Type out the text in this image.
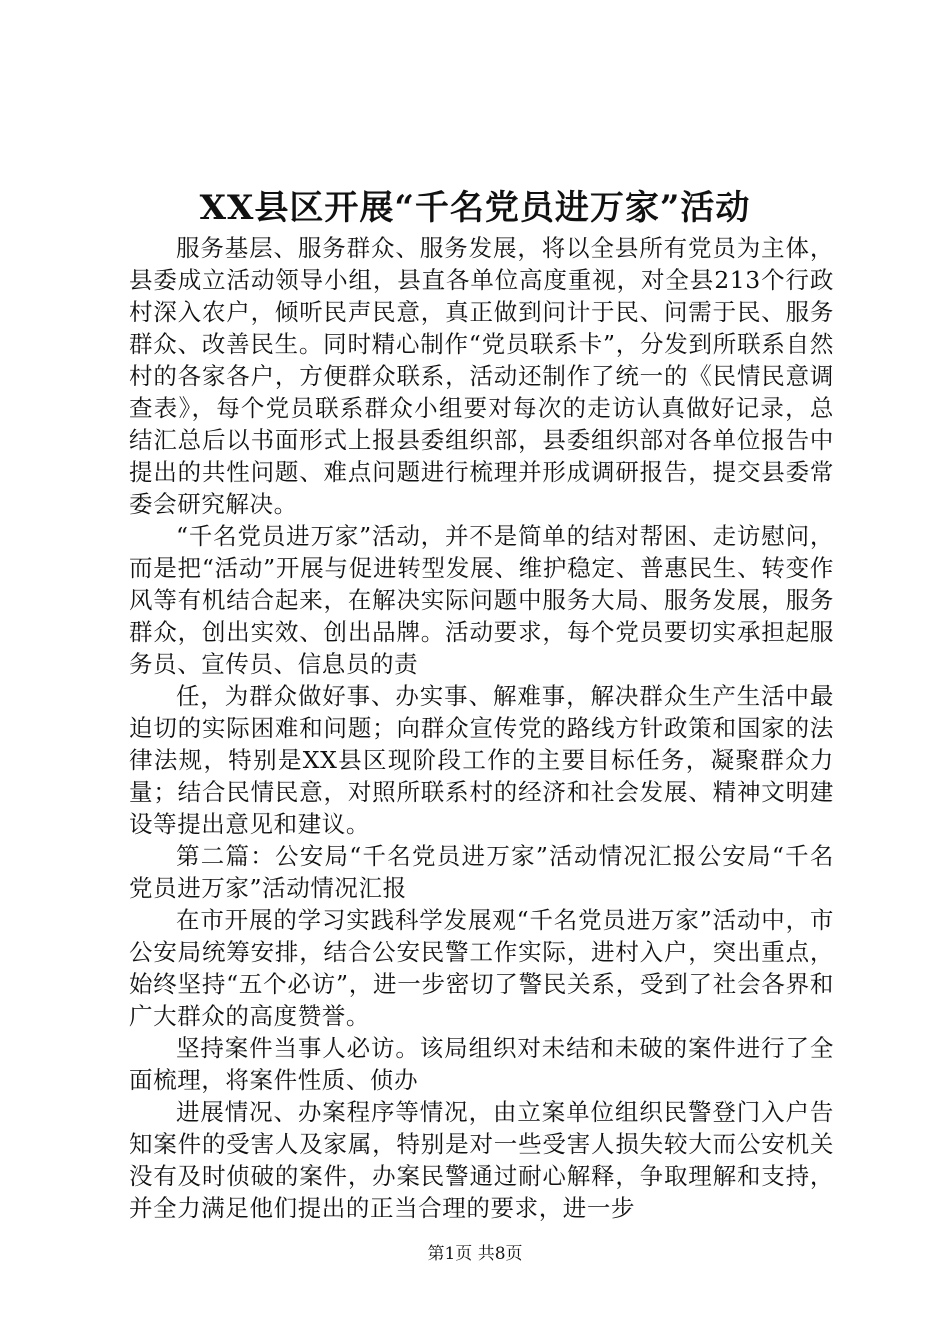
XX县区开展“千名党员进万家”活动

服务基层、服务群众、服务发展，将以全县所有党员为主体，县委成立活动领导小组，县直各单位高度重视，对全县213个行政村深入农户，倾听民声民意，真正做到问计于民、问需于民、服务群众、改善民生。同时精心制作“党员联系卡”，分发到所联系自然村的各家各户，方便群众联系，活动还制作了统一的《民情民意调查表》，每个党员联系群众小组要对每次的走访认真做好记录，总结汇总后以书面形式上报县委组织部，县委组织部对各单位报告中提出的共性问题、难点问题进行梳理并形成调研报告，提交县委常委会研究解决。

“千名党员进万家”活动，并不是简单的结对帮困、走访慰问，而是把“活动”开展与促进转型发展、维护稳定、普惠民生、转变作风等有机结合起来，在解决实际问题中服务大局、服务发展，服务群众，创出实效、创出品牌。活动要求，每个党员要切实承担起服务员、宣传员、信息员的责

任，为群众做好事、办实事、解难事，解决群众生产生活中最迫切的实际困难和问题；向群众宣传党的路线方针政策和国家的法律法规，特别是XX县区现阶段工作的主要目标任务，凝聚群众力量；结合民情民意，对照所联系村的经济和社会发展、精神文明建设等提出意见和建议。

第二篇：公安局“千名党员进万家”活动情况汇报公安局“千名党员进万家”活动情况汇报

在市开展的学习实践科学发展观“千名党员进万家”活动中，市公安局统筹安排，结合公安民警工作实际，进村入户，突出重点，始终坚持“五个必访”，进一步密切了警民关系，受到了社会各界和广大群众的高度赞誉。

坚持案件当事人必访。该局组织对未结和未破的案件进行了全面梳理，将案件性质、侦办

进展情况、办案程序等情况，由立案单位组织民警登门入户告知案件的受害人及家属，特别是对一些受害人损失较大而公安机关没有及时侦破的案件，办案民警通过耐心解释，争取理解和支持，并全力满足他们提出的正当合理的要求，进一步

第1页 共8页
